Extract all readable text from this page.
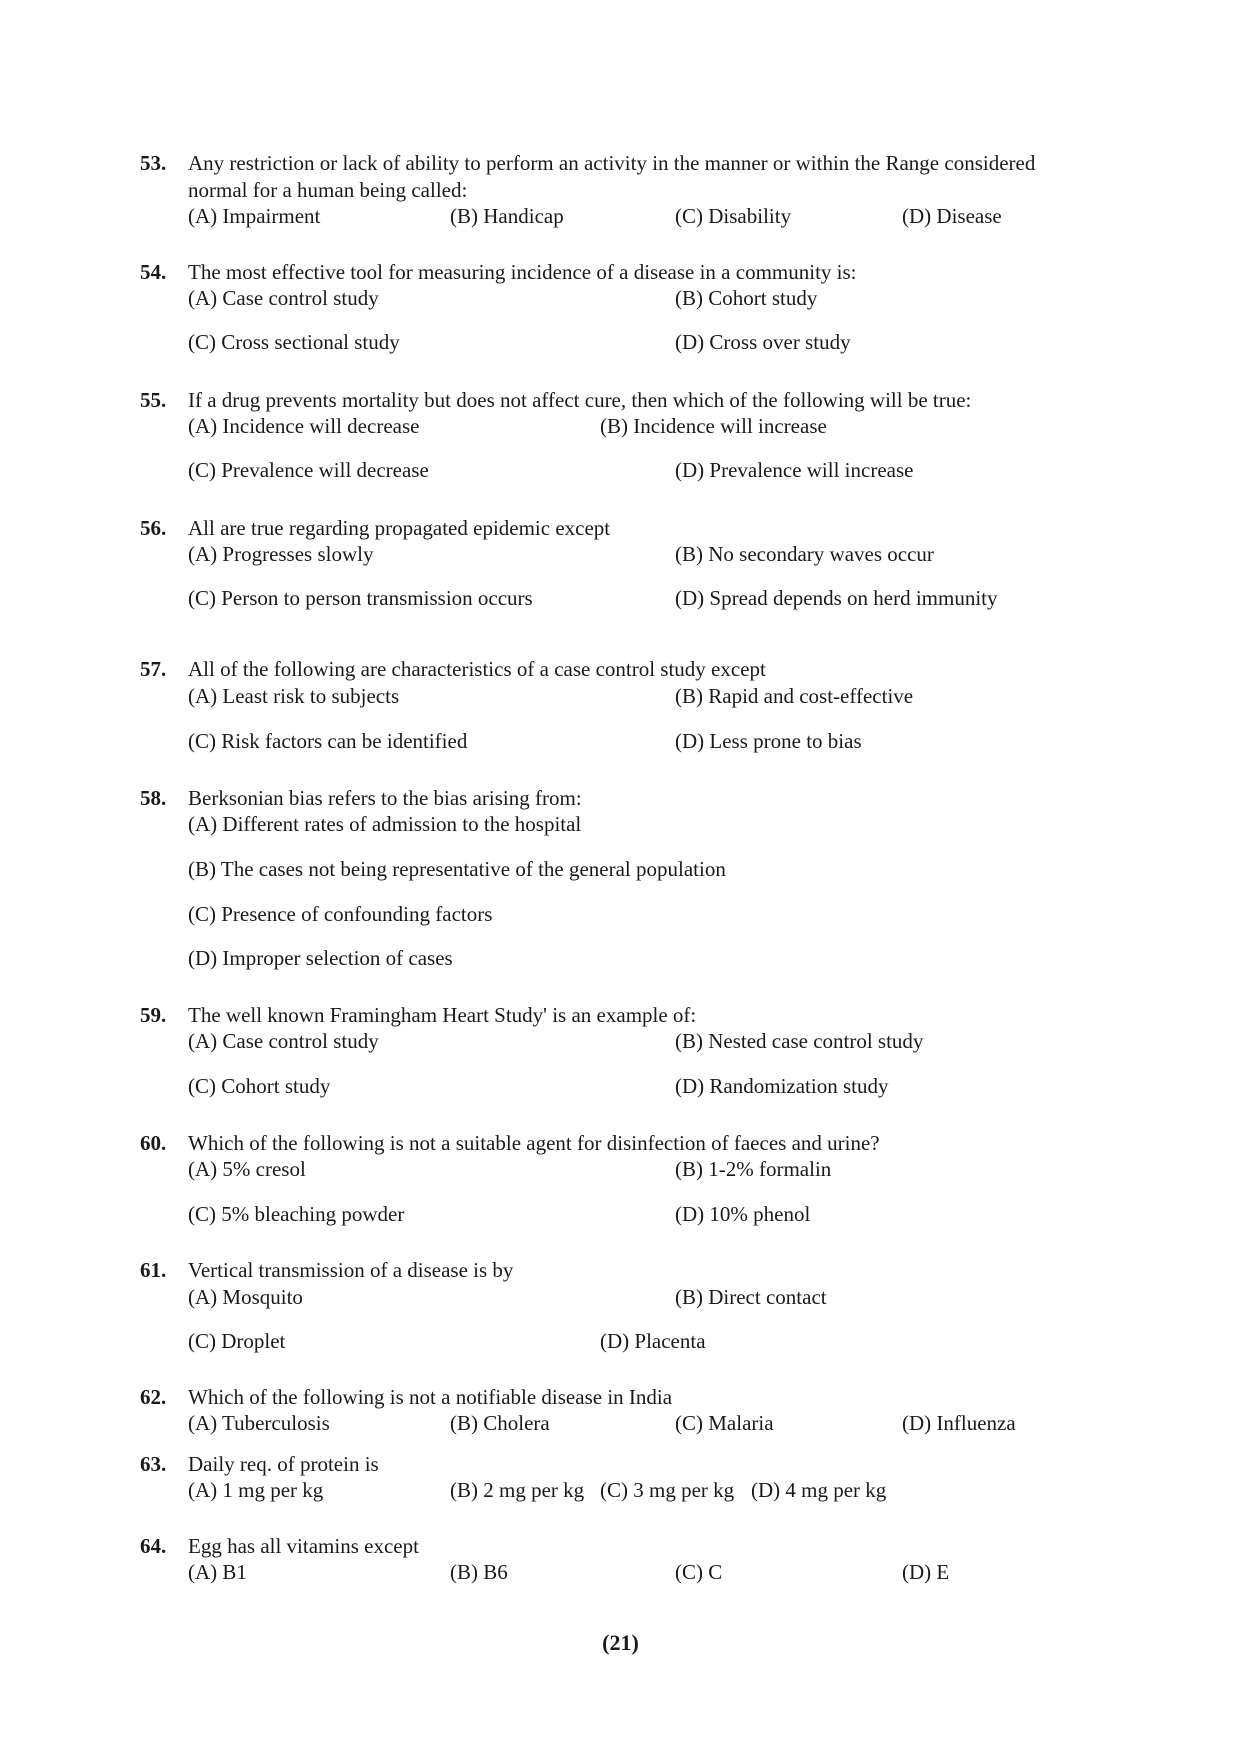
53. Any restriction or lack of ability to perform an activity in the manner or within the Range considered
normal for a human being called:
(A) Impairment	(B) Handicap	(C) Disability	(D) Disease
54. The most effective tool for measuring incidence of a disease in a community is:
(A) Case control study	(B) Cohort study
(C) Cross sectional study	(D) Cross over study
55. If a drug prevents mortality but does not affect cure, then which of the following will be true:
(A) Incidence will decrease	(B) Incidence will increase
(C) Prevalence will decrease	(D) Prevalence will increase
56. All are true regarding propagated epidemic except
(A) Progresses slowly	(B) No secondary waves occur
(C) Person to person transmission occurs	(D) Spread depends on herd immunity
57. All of the following are characteristics of a case control study except
(A) Least risk to subjects	(B) Rapid and cost-effective
(C) Risk factors can be identified	(D) Less prone to bias
58. Berksonian bias refers to the bias arising from:
(A) Different rates of admission to the hospital
(B) The cases not being representative of the general population
(C) Presence of confounding factors
(D) Improper selection of cases
59. The well known Framingham Heart Study' is an example of:
(A) Case control study	(B) Nested case control study
(C) Cohort study	(D) Randomization study
60. Which of the following is not a suitable agent for disinfection of faeces and urine?
(A) 5% cresol	(B) 1-2% formalin
(C) 5% bleaching powder	(D) 10% phenol
61. Vertical transmission of a disease is by
(A) Mosquito	(B) Direct contact
(C) Droplet	(D) Placenta
62. Which of the following is not a notifiable disease in India
(A) Tuberculosis	(B) Cholera	(C) Malaria	(D) Influenza
63. Daily req. of protein is
(A) 1 mg per kg	(B) 2 mg per kg (C) 3 mg per kg (D) 4 mg per kg
64. Egg has all vitamins except
(A) B1	(B) B6	(C) C	(D) E
(21)
